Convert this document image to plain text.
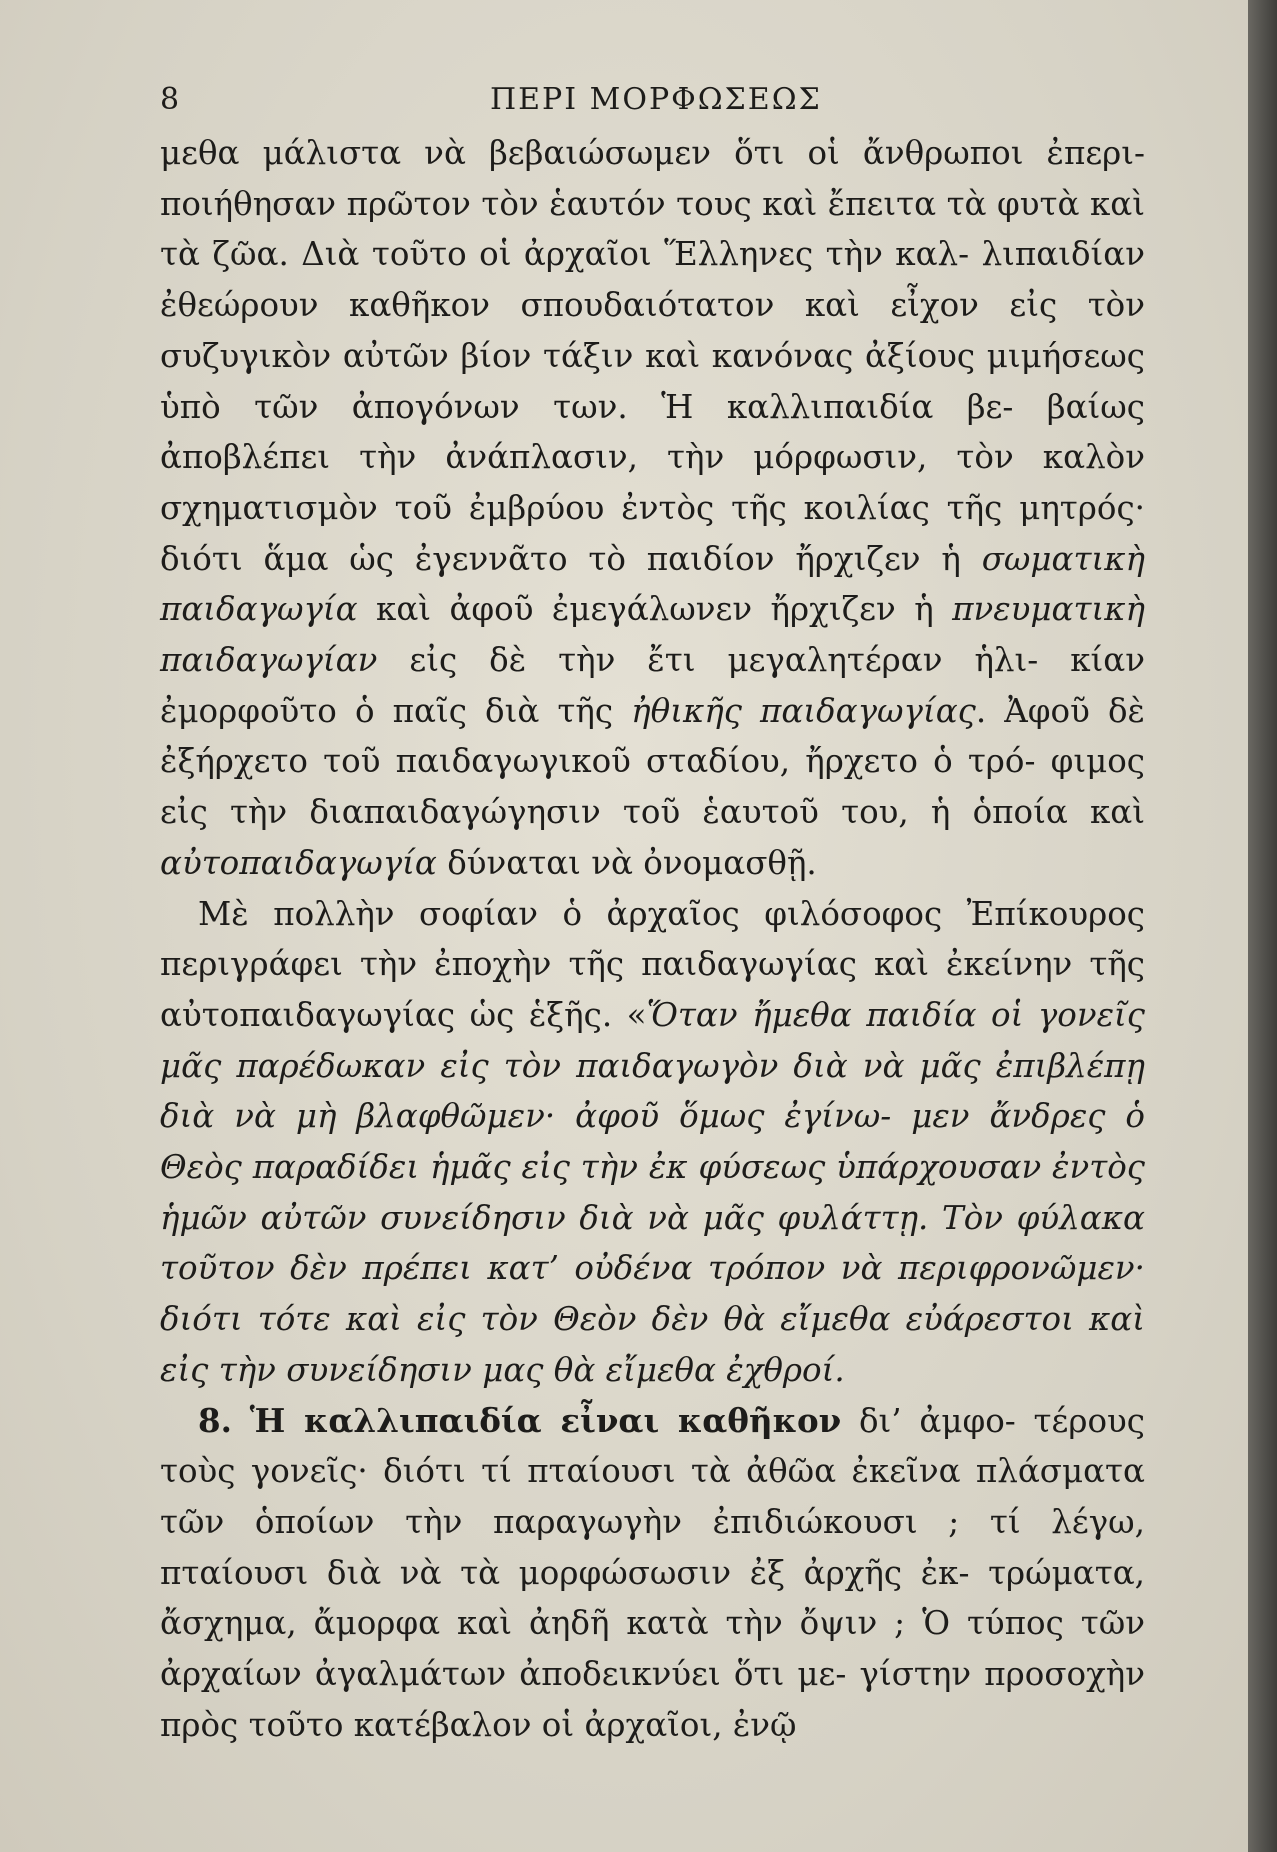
8	ΠΕΡΙ ΜΟΡΦΩΣΕΩΣ

μεθα μάλιστα νὰ βεβαιώσωμεν ὅτι οἱ ἄνθρωποι ἐπερι- ποιήθησαν πρῶτον τὸν ἑαυτόν τους καὶ ἔπειτα τὰ φυτὰ καὶ τὰ ζῶα. Διὰ τοῦτο οἱ ἀρχαῖοι Ἕλληνες τὴν καλ- λιπαιδίαν ἐθεώρουν καθῆκον σπουδαιότατον καὶ εἶχον εἰς τὸν συζυγικὸν αὐτῶν βίον τάξιν καὶ κανόνας ἀξίους μιμήσεως ὑπὸ τῶν ἀπογόνων των. Ἡ καλλιπαιδία βε- βαίως ἀποβλέπει τὴν ἀνάπλασιν, τὴν μόρφωσιν, τὸν καλὸν σχηματισμὸν τοῦ ἐμβρύου ἐντὸς τῆς κοιλίας τῆς μητρός· διότι ἅμα ὡς ἐγεννᾶτο τὸ παιδίον ἤρχιζεν ἡ σωματικὴ παιδαγωγία καὶ ἀφοῦ ἐμεγάλωνεν ἤρχιζεν ἡ πνευματικὴ παιδαγωγίαν εἰς δὲ τὴν ἔτι μεγαλητέραν ἡλι- κίαν ἐμορφοῦτο ὁ παῖς διὰ τῆς ἠθικῆς παιδαγωγίας. Ἀφοῦ δὲ ἐξήρχετο τοῦ παιδαγωγικοῦ σταδίου, ἤρχετο ὁ τρό- φιμος εἰς τὴν διαπαιδαγώγησιν τοῦ ἑαυτοῦ του, ἡ ὁποία καὶ αὐτοπαιδαγωγία δύναται νὰ ὀνομασθῇ.

Μὲ πολλὴν σοφίαν ὁ ἀρχαῖος φιλόσοφος Ἐπίκουρος περιγράφει τὴν ἐποχὴν τῆς παιδαγωγίας καὶ ἐκείνην τῆς αὐτοπαιδαγωγίας ὡς ἑξῆς. «Ὅταν ἤμεθα παιδία οἱ γονεῖς μᾶς παρέδωκαν εἰς τὸν παιδαγωγὸν διὰ νὰ μᾶς ἐπιβλέπῃ διὰ νὰ μὴ βλαφθῶμεν· ἀφοῦ ὅμως ἐγίνω- μεν ἄνδρες ὁ Θεὸς παραδίδει ἡμᾶς εἰς τὴν ἐκ φύσεως ὑπάρχουσαν ἐντὸς ἡμῶν αὐτῶν συνείδησιν διὰ νὰ μᾶς φυλάττῃ. Τὸν φύλακα τοῦτον δὲν πρέπει κατ’ οὐδένα τρόπον νὰ περιφρονῶμεν· διότι τότε καὶ εἰς τὸν Θεὸν δὲν θὰ εἴμεθα εὐάρεστοι καὶ εἰς τὴν συνείδησιν μας θὰ εἴμεθα ἐχθροί.

8. Ἡ καλλιπαιδία εἶναι καθῆκον δι’ ἀμφο- τέρους τοὺς γονεῖς· διότι τί πταίουσι τὰ ἀθῶα ἐκεῖνα πλάσματα τῶν ὁποίων τὴν παραγωγὴν ἐπιδιώκουσι ; τί λέγω, πταίουσι διὰ νὰ τὰ μορφώσωσιν ἐξ ἀρχῆς ἐκ- τρώματα, ἄσχημα, ἄμορφα καὶ ἀηδῆ κατὰ τὴν ὄψιν ; Ὁ τύπος τῶν ἀρχαίων ἀγαλμάτων ἀποδεικνύει ὅτι με- γίστην προσοχὴν πρὸς τοῦτο κατέβαλον οἱ ἀρχαῖοι, ἐνῷ
